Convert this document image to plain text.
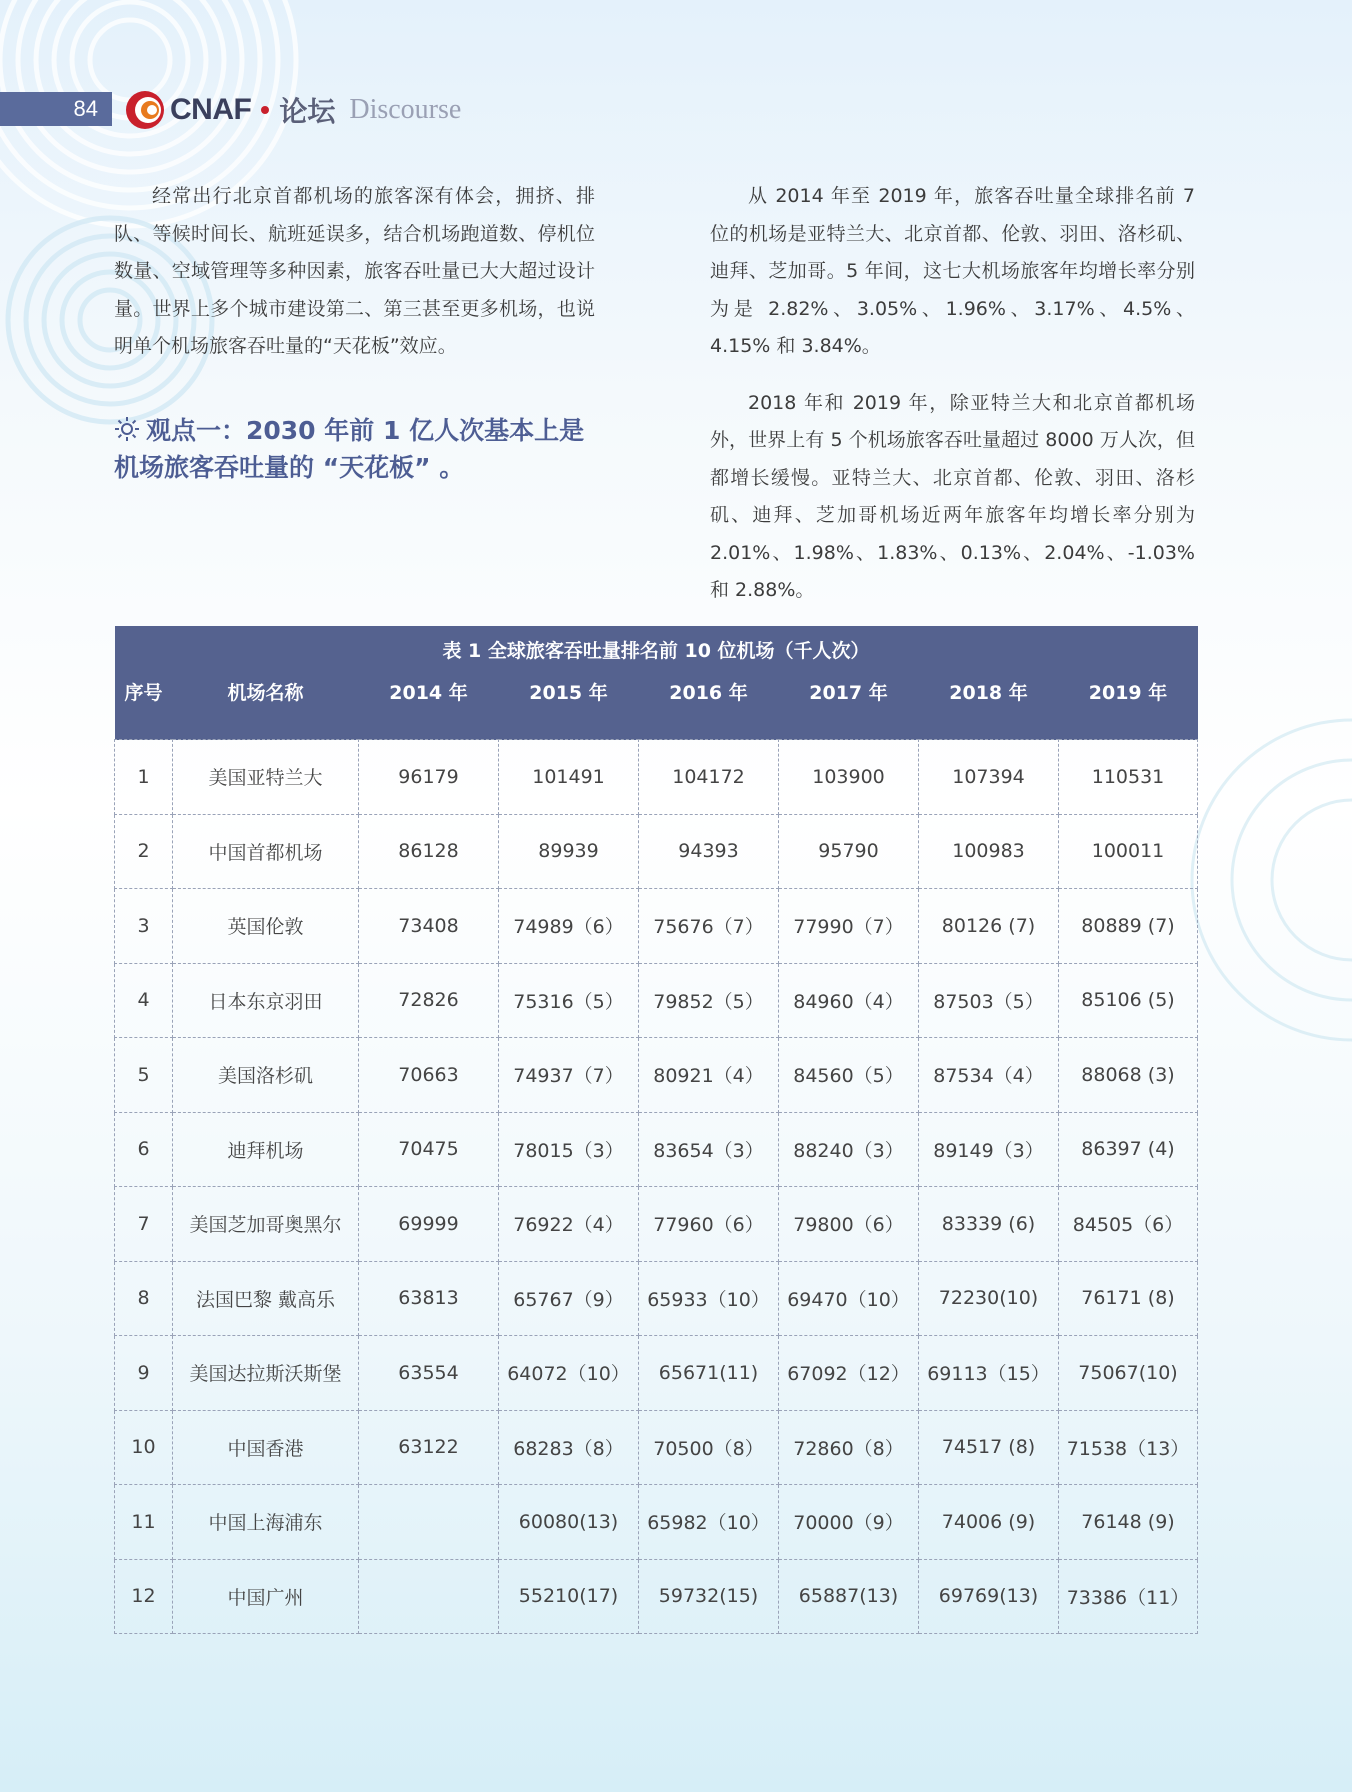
84	CNAF 论坛 Discourse

经常出行北京首都机场的旅客深有体会，拥挤、排队、等候时间长、航班延误多，结合机场跑道数、停机位数量、空域管理等多种因素，旅客吞吐量已大大超过设计量。世界上多个城市建设第二、第三甚至更多机场，也说明单个机场旅客吞吐量的“天花板”效应。

观点一：2030 年前 1 亿人次基本上是机场旅客吞吐量的 “天花板” 。

从 2014 年至 2019 年，旅客吞吐量全球排名前 7 位的机场是亚特兰大、北京首都、伦敦、羽田、洛杉矶、迪拜、芝加哥。5 年间，这七大机场旅客年均增长率分别为是 2.82%、3.05%、1.96%、3.17%、4.5%、4.15% 和 3.84%。

2018 年和 2019 年，除亚特兰大和北京首都机场外，世界上有 5 个机场旅客吞吐量超过 8000 万人次，但都增长缓慢。亚特兰大、北京首都、伦敦、羽田、洛杉矶、迪拜、芝加哥机场近两年旅客年均增长率分别为 2.01%、1.98%、1.83%、0.13%、2.04%、-1.03% 和 2.88%。

表 1 全球旅客吞吐量排名前 10 位机场（千人次）							
序号	机场名称	2014 年	2015 年	2016 年	2017 年	2018 年	2019 年
1	美国亚特兰大	96179	101491	104172	103900	107394	110531
2	中国首都机场	86128	89939	94393	95790	100983	100011
3	英国伦敦	73408	74989（6）	75676（7）	77990（7）	80126 (7)	80889 (7)
4	日本东京羽田	72826	75316（5）	79852（5）	84960（4）	87503（5）	85106 (5)
5	美国洛杉矶	70663	74937（7）	80921（4）	84560（5）	87534（4）	88068 (3)
6	迪拜机场	70475	78015（3）	83654（3）	88240（3）	89149（3）	86397 (4)
7	美国芝加哥奥黑尔	69999	76922（4）	77960（6）	79800（6）	83339 (6)	84505（6）
8	法国巴黎 戴高乐	63813	65767（9）	65933（10）	69470（10）	72230(10)	76171 (8)
9	美国达拉斯沃斯堡	63554	64072（10）	65671(11)	67092（12）	69113（15）	75067(10)
10	中国香港	63122	68283（8）	70500（8）	72860（8）	74517 (8)	71538（13）
11	中国上海浦东		60080(13)	65982（10）	70000（9）	74006 (9)	76148 (9)
12	中国广州		55210(17)	59732(15)	65887(13)	69769(13)	73386（11）
